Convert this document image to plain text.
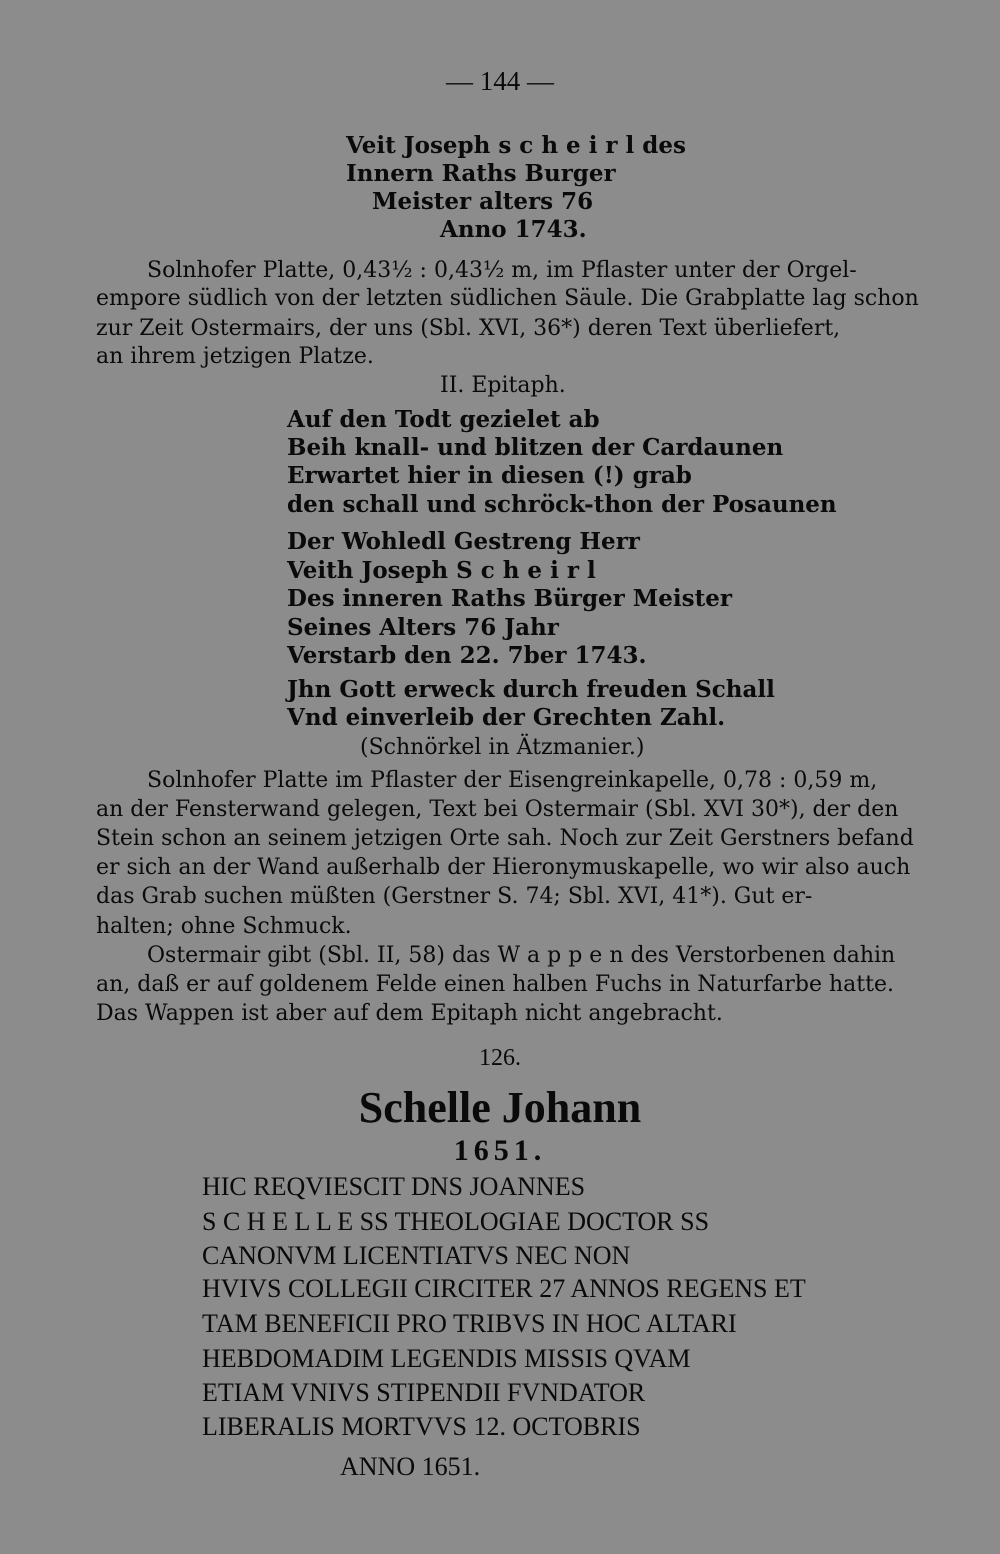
— 144 —
Veit Joseph s c h e i r l des
Innern Raths Burger
Meister alters 76
Anno 1743.
Solnhofer Platte, 0,43½ : 0,43½ m, im Pflaster unter der Orgel-
empore südlich von der letzten südlichen Säule. Die Grabplatte lag schon
zur Zeit Ostermairs, der uns (Sbl. XVI, 36*) deren Text überliefert,
an ihrem jetzigen Platze.
II. Epitaph.
Auf den Todt gezielet ab
Beih knall- und blitzen der Cardaunen
Erwartet hier in diesen (!) grab
den schall und schröck-thon der Posaunen
Der Wohledl Gestreng Herr
Veith Joseph S c h e i r l
Des inneren Raths Bürger Meister
Seines Alters 76 Jahr
Verstarb den 22. 7ber 1743.
Jhn Gott erweck durch freuden Schall
Vnd einverleib der Grechten Zahl.
(Schnörkel in Ätzmanier.)
Solnhofer Platte im Pflaster der Eisengreinkapelle, 0,78 : 0,59 m,
an der Fensterwand gelegen, Text bei Ostermair (Sbl. XVI 30*), der den
Stein schon an seinem jetzigen Orte sah. Noch zur Zeit Gerstners befand
er sich an der Wand außerhalb der Hieronymuskapelle, wo wir also auch
das Grab suchen müßten (Gerstner S. 74; Sbl. XVI, 41*). Gut er-
halten; ohne Schmuck.
Ostermair gibt (Sbl. II, 58) das W a p p e n des Verstorbenen dahin
an, daß er auf goldenem Felde einen halben Fuchs in Naturfarbe hatte.
Das Wappen ist aber auf dem Epitaph nicht angebracht.
126.
Schelle Johann
1651.
HIC REQVIESCIT DNS JOANNES
S C H E L L E SS THEOLOGIAE DOCTOR SS
CANONVM LICENTIATVS NEC NON
HVIVS COLLEGII CIRCITER 27 ANNOS REGENS ET
TAM BENEFICII PRO TRIBVS IN HOC ALTARI
HEBDOMADIM LEGENDIS MISSIS QVAM
ETIAM VNIVS STIPENDII FVNDATOR
LIBERALIS MORTVVS 12. OCTOBRIS
ANNO 1651.
